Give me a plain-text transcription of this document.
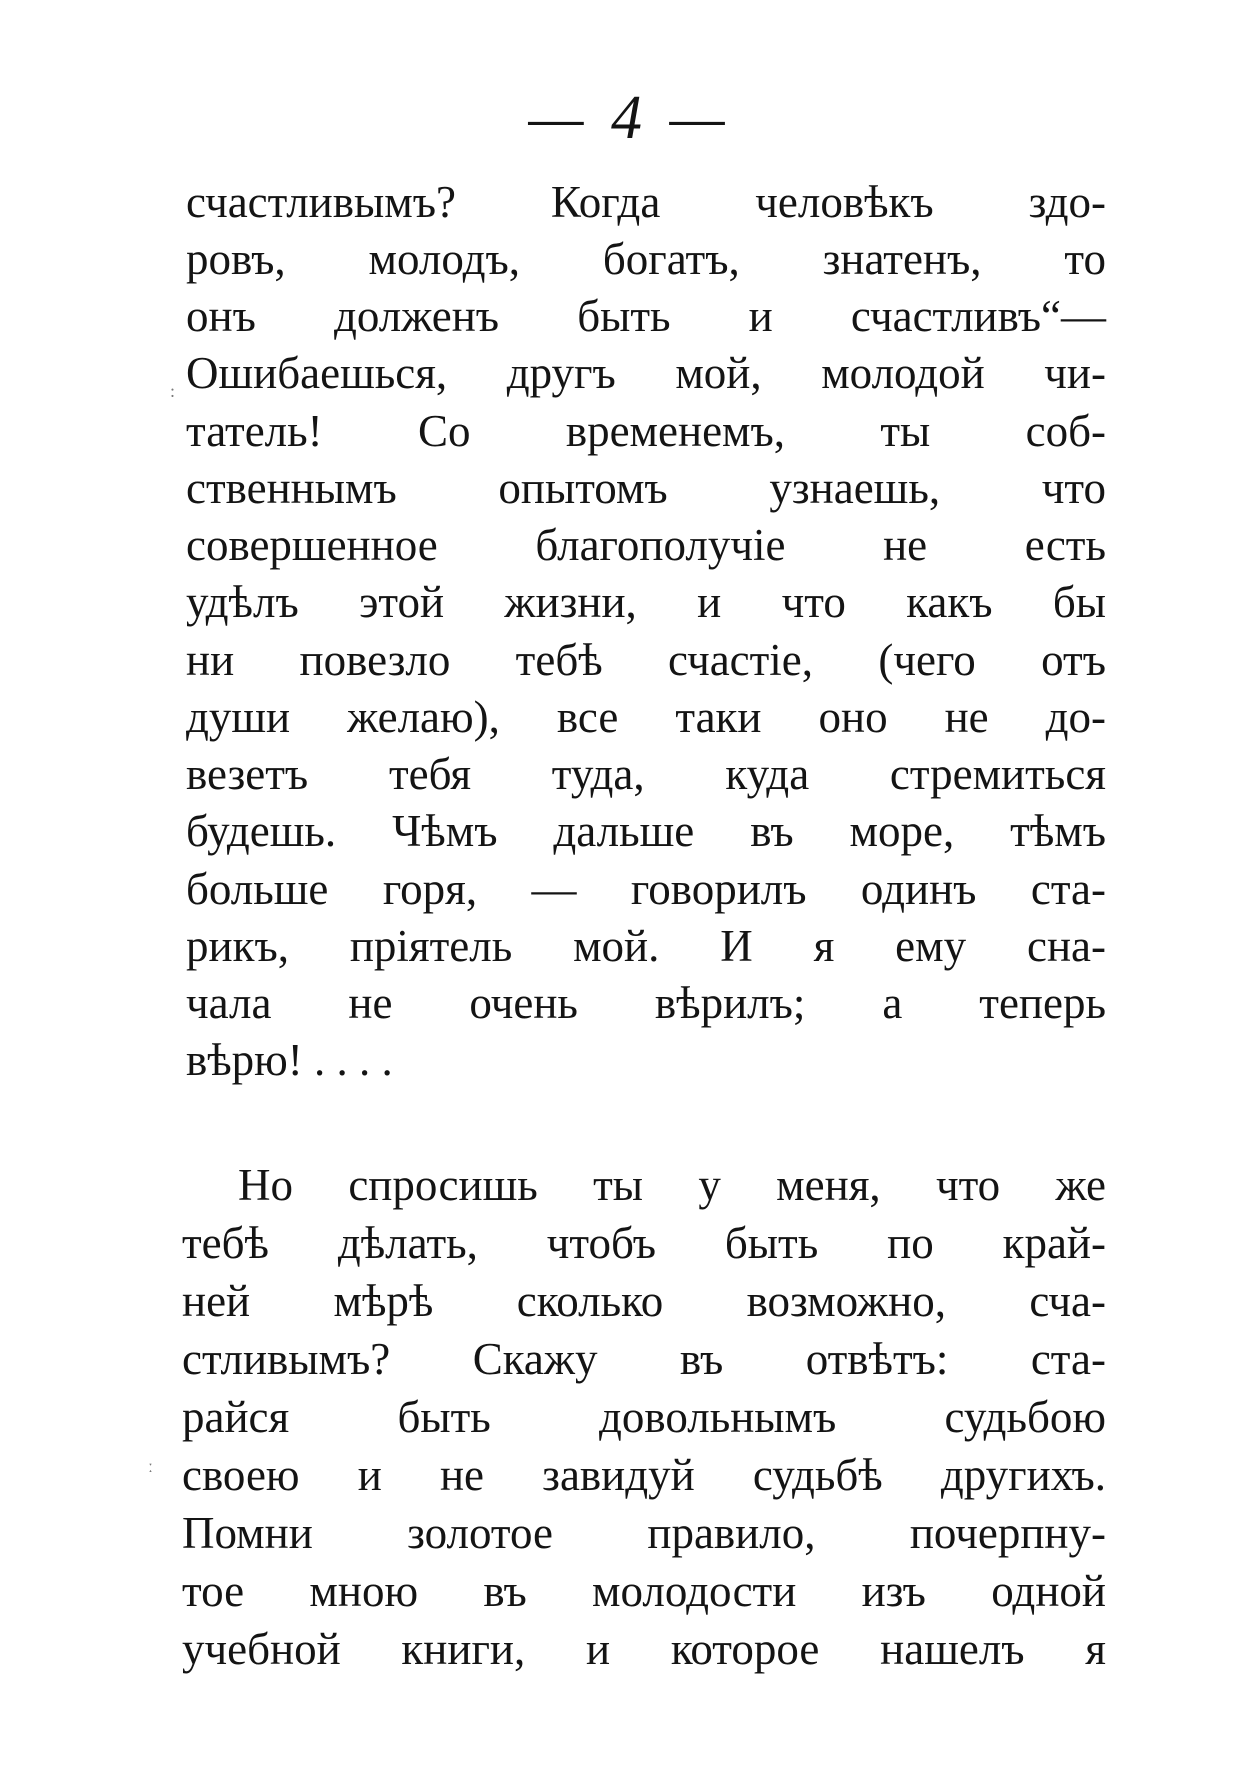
— 4 —
счастливымъ? Когда человѣкъ здо-
ровъ, молодъ, богатъ, знатенъ, то
онъ долженъ быть и счастливъ“—
Ошибаешься, другъ мой, молодой чи-
татель! Со временемъ, ты соб-
ственнымъ опытомъ узнаешь, что
совершенное благополучіе не есть
удѣлъ этой жизни, и что какъ бы
ни повезло тебѣ счастіе, (чего отъ
души желаю), все таки оно не до-
везетъ тебя туда, куда стремиться
будешь. Чѣмъ дальше въ море, тѣмъ
больше горя, — говорилъ одинъ ста-
рикъ, пріятель мой. И я ему сна-
чала не очень вѣрилъ; а теперь
вѣрю! . . . .
Но спросишь ты у меня, что же
тебѣ дѣлать, чтобъ быть по край-
ней мѣрѣ сколько возможно, сча-
стливымъ? Скажу въ отвѣтъ: ста-
райся быть довольнымъ судьбою
своею и не завидуй судьбѣ другихъ.
Помни золотое правило, почерпну-
тое мною въ молодости изъ одной
учебной книги, и которое нашелъ я
:
ː
